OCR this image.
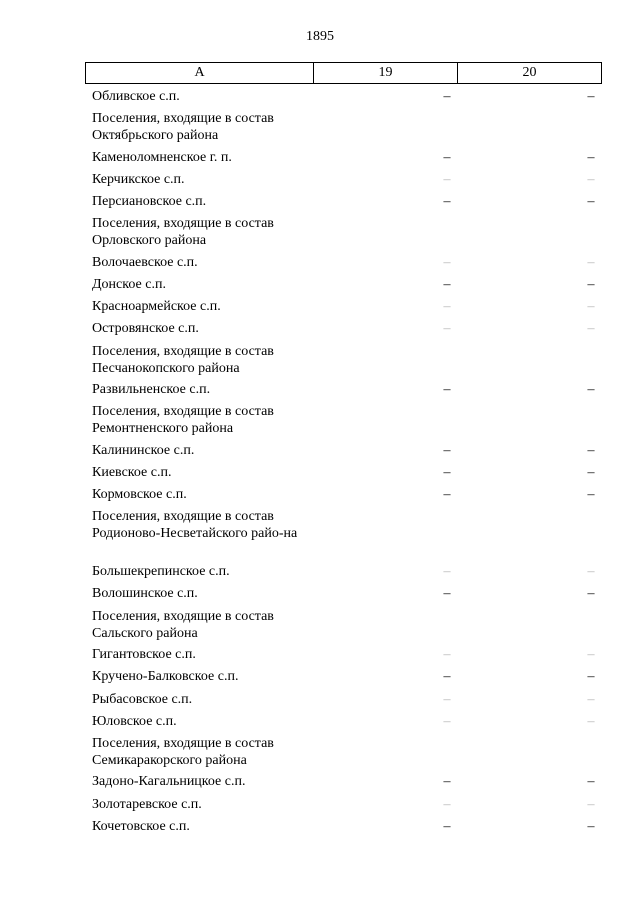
1895
А	19	20
Обливское с.п.	–	–
Поселения, входящие в состав Октябрьского района
Каменоломненское г. п.	–	–
Керчикское с.п.	–	–
Персиановское с.п.	–	–
Поселения, входящие в состав Орловского района
Волочаевское с.п.	–	–
Донское с.п.	–	–
Красноармейское с.п.	–	–
Островянское с.п.	–	–
Поселения, входящие в состав Песчанокопского района
Развильненское с.п.	–	–
Поселения, входящие в состав Ремонтненского района
Калининское с.п.	–	–
Киевское с.п.	–	–
Кормовское с.п.	–	–
Поселения, входящие в состав Родионово-Несветайского райо-на
Большекрепинское с.п.	–	–
Волошинское с.п.	–	–
Поселения, входящие в состав Сальского района
Гигантовское с.п.	–	–
Кручено-Балковское с.п.	–	–
Рыбасовское с.п.	–	–
Юловское с.п.	–	–
Поселения, входящие в состав Семикаракорского района
Задоно-Кагальницкое с.п.	–	–
Золотаревское с.п.	–	–
Кочетовское с.п.	–	–
